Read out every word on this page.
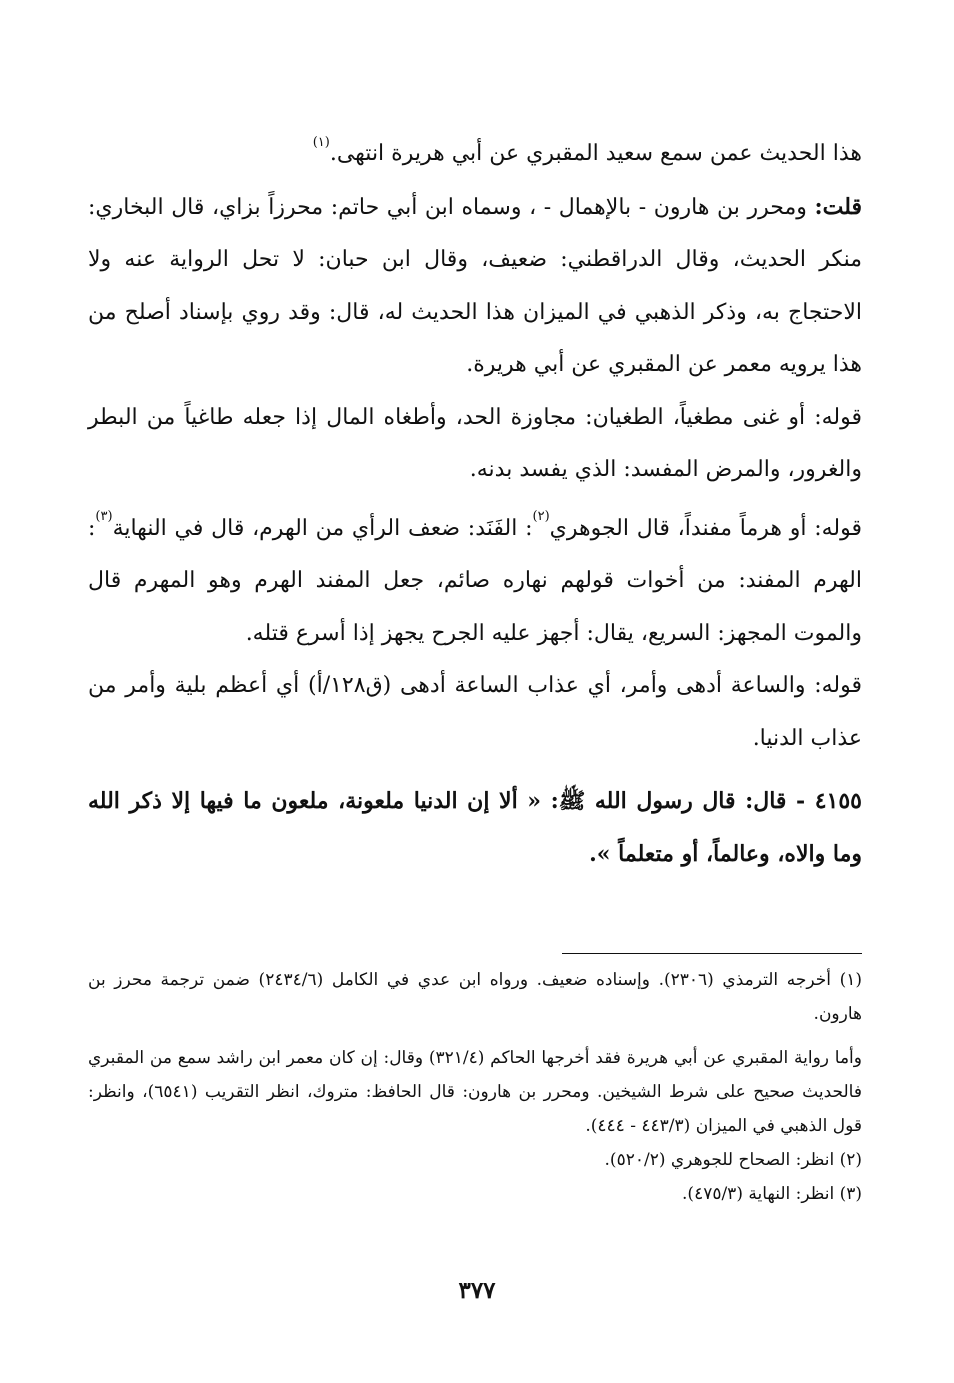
هذا الحديث عمن سمع سعيد المقبري عن أبي هريرة انتهى.$^{(١)}$

قلت: ومحرر بن هارون - بالإهمال - ، وسماه ابن أبي حاتم: محرزاً بزاي، قال البخاري: منكر الحديث، وقال الدراقطني: ضعيف، وقال ابن حبان: لا تحل الرواية عنه ولا الاحتجاج به، وذكر الذهبي في الميزان هذا الحديث له، قال: وقد روي بإسناد أصلح من هذا يرويه معمر عن المقبري عن أبي هريرة.

قوله: أو غنى مطغياً، الطغيان: مجاوزة الحد، وأطغاه المال إذا جعله طاغياً من البطر والغرور، والمرض المفسد: الذي يفسد بدنه.

قوله: أو هرماً مفنداً، قال الجوهري$^{(٢)}$: الفَنَد: ضعف الرأي من الهرم، قال في النهاية$^{(٣)}$: الهرم المفند: من أخوات قولهم نهاره صائم، جعل المفند الهرم وهو المهرم قال والموت المجهز: السريع، يقال: أجهز عليه الجرح يجهز إذا أسرع قتله.

قوله: والساعة أدهى وأمر، أي عذاب الساعة أدهى (ق١٢٨/أ) أي أعظم بلية وأمر من عذاب الدنيا.

٤١٥٥ - قال: قال رسول الله ﷺ: « ألا إن الدنيا ملعونة، ملعون ما فيها إلا ذكر الله وما والاه، وعالماً، أو متعلماً ».

(١) أخرجه الترمذي (٢٣٠٦). وإسناده ضعيف. ورواه ابن عدي في الكامل (٢٤٣٤/٦) ضمن ترجمة محرز بن هارون.

وأما رواية المقبري عن أبي هريرة فقد أخرجها الحاكم (٣٢١/٤) وقال: إن كان معمر ابن راشد سمع من المقبري فالحديث صحيح على شرط الشيخين. ومحرر بن هارون: قال الحافظ: متروك، انظر التقريب (٦٥٤١)، وانظر: قول الذهبي في الميزان (٤٤٣/٣ - ٤٤٤).

(٢) انظر: الصحاح للجوهري (٥٢٠/٢).

(٣) انظر: النهاية (٤٧٥/٣).

٣٧٧
